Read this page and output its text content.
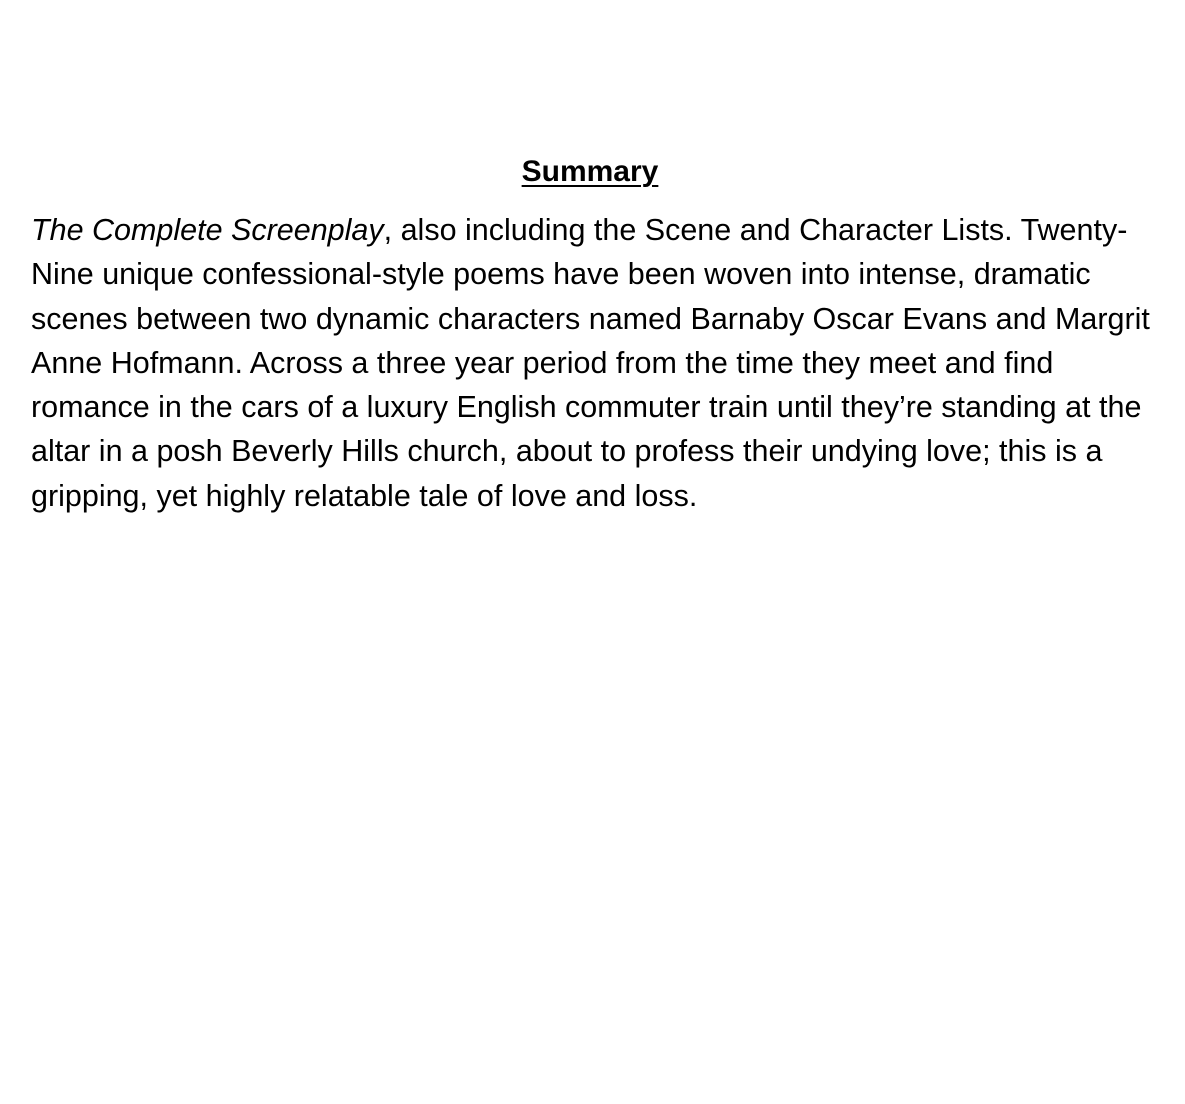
Summary

The Complete Screenplay, also including the Scene and Character Lists. Twenty-Nine unique confessional-style poems have been woven into intense, dramatic scenes between two dynamic characters named Barnaby Oscar Evans and Margrit Anne Hofmann. Across a three year period from the time they meet and find romance in the cars of a luxury English commuter train until they’re standing at the altar in a posh Beverly Hills church, about to profess their undying love; this is a gripping, yet highly relatable tale of love and loss.
